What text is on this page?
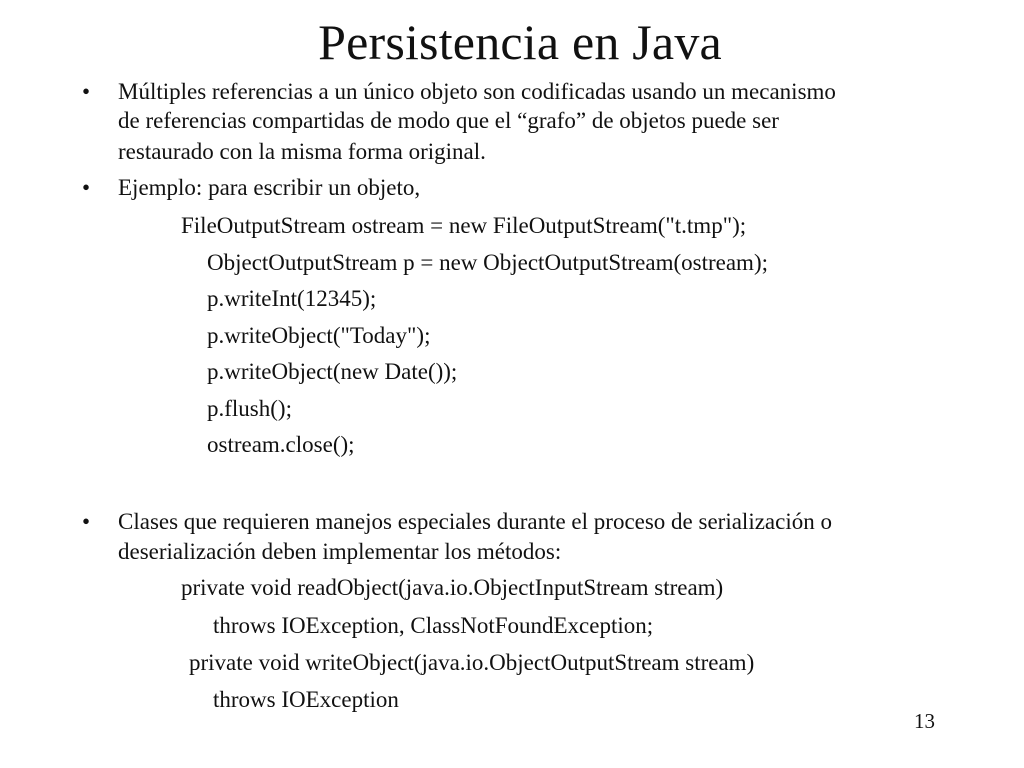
Persistencia en Java
• Múltiples referencias a un único objeto son codificadas usando un mecanismo
de referencias compartidas de modo que el “grafo” de objetos puede ser
restaurado con la misma forma original.
• Ejemplo: para escribir un objeto,
FileOutputStream ostream = new FileOutputStream("t.tmp");
ObjectOutputStream p = new ObjectOutputStream(ostream);
p.writeInt(12345);
p.writeObject("Today");
p.writeObject(new Date());
p.flush();
ostream.close();
• Clases que requieren manejos especiales durante el proceso de serialización o
deserialización deben implementar los métodos:
private void readObject(java.io.ObjectInputStream stream)
throws IOException, ClassNotFoundException;
private void writeObject(java.io.ObjectOutputStream stream)
throws IOException
13
